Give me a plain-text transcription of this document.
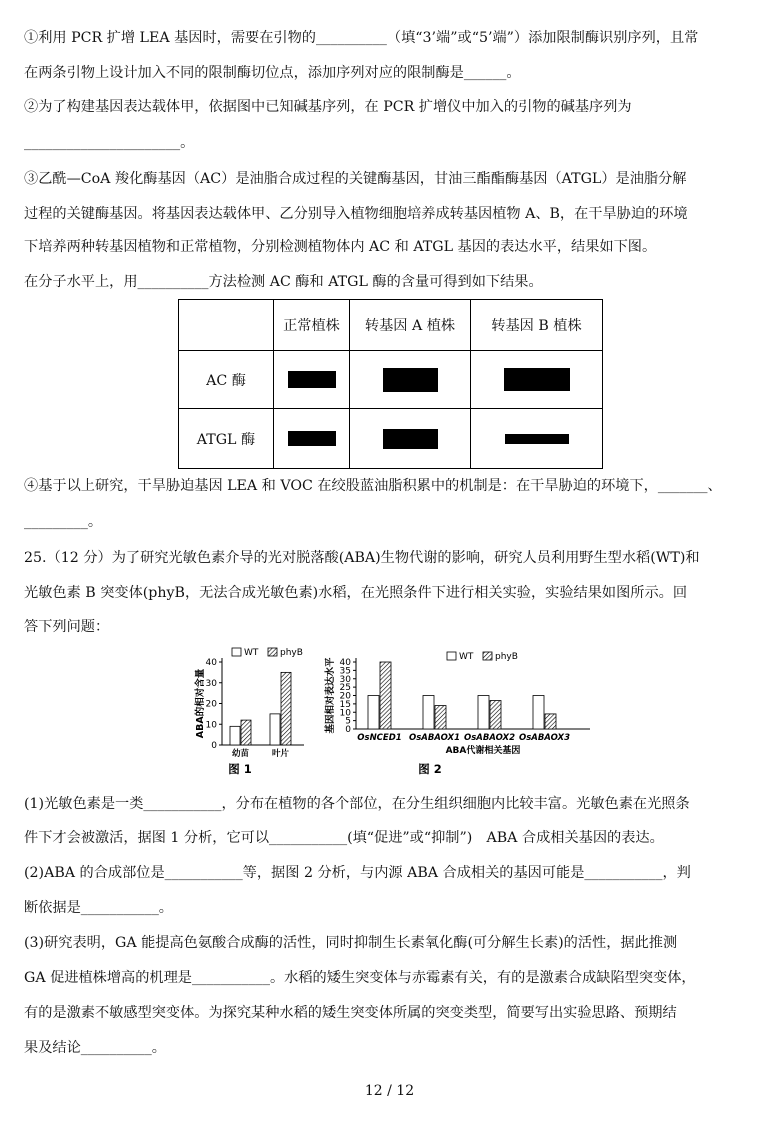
①利用 PCR 扩增 LEA 基因时，需要在引物的__________（填“3’端”或“5’端”）添加限制酶识别序列，且常
在两条引物上设计加入不同的限制酶切位点，添加序列对应的限制酶是______。
②为了构建基因表达载体甲，依据图中已知碱基序列，在 PCR 扩增仪中加入的引物的碱基序列为
______________________。
③乙酰—CoA 羧化酶基因（AC）是油脂合成过程的关键酶基因，甘油三酯酯酶基因（ATGL）是油脂分解
过程的关键酶基因。将基因表达载体甲、乙分别导入植物细胞培养成转基因植物 A、B，在干旱胁迫的环境
下培养两种转基因植物和正常植物，分别检测植物体内 AC 和 ATGL 基因的表达水平，结果如下图。
在分子水平上，用__________方法检测 AC 酶和 ATGL 酶的含量可得到如下结果。
	正常植株	转基因 A 植株	转基因 B 植株
AC 酶			
ATGL 酶			
④基于以上研究，干旱胁迫基因 LEA 和 VOC 在绞股蓝油脂积累中的机制是：在干旱胁迫的环境下，_______、
_________。
25.（12 分）为了研究光敏色素介导的光对脱落酸(ABA)生物代谢的影响，研究人员利用野生型水稻(WT)和
光敏色素 B 突变体(phyB，无法合成光敏色素)水稻，在光照条件下进行相关实验，实验结果如图所示。回
答下列问题：
0
10
20
30
40
幼苗	叶片
ABA的相对含量
图 1
WT phyB
0
5
10
15
20
25
30
35
40
OsNCED1 OsABAOX1 OsABAOX2 OsABAOX3
基因相对表达水平
ABA代谢相关基因
图 2
WT phyB
(1)光敏色素是一类___________，分布在植物的各个部位，在分生组织细胞内比较丰富。光敏色素在光照条
件下才会被激活，据图 1 分析，它可以___________(填“促进”或“抑制”)　ABA 合成相关基因的表达。
(2)ABA 的合成部位是___________等，据图 2 分析，与内源 ABA 合成相关的基因可能是___________，判
断依据是___________。
(3)研究表明，GA 能提高色氨酸合成酶的活性，同时抑制生长素氧化酶(可分解生长素)的活性，据此推测
GA 促进植株增高的机理是___________。水稻的矮生突变体与赤霉素有关，有的是激素合成缺陷型突变体，
有的是激素不敏感型突变体。为探究某种水稻的矮生突变体所属的突变类型，简要写出实验思路、预期结
果及结论__________。
12 / 12
